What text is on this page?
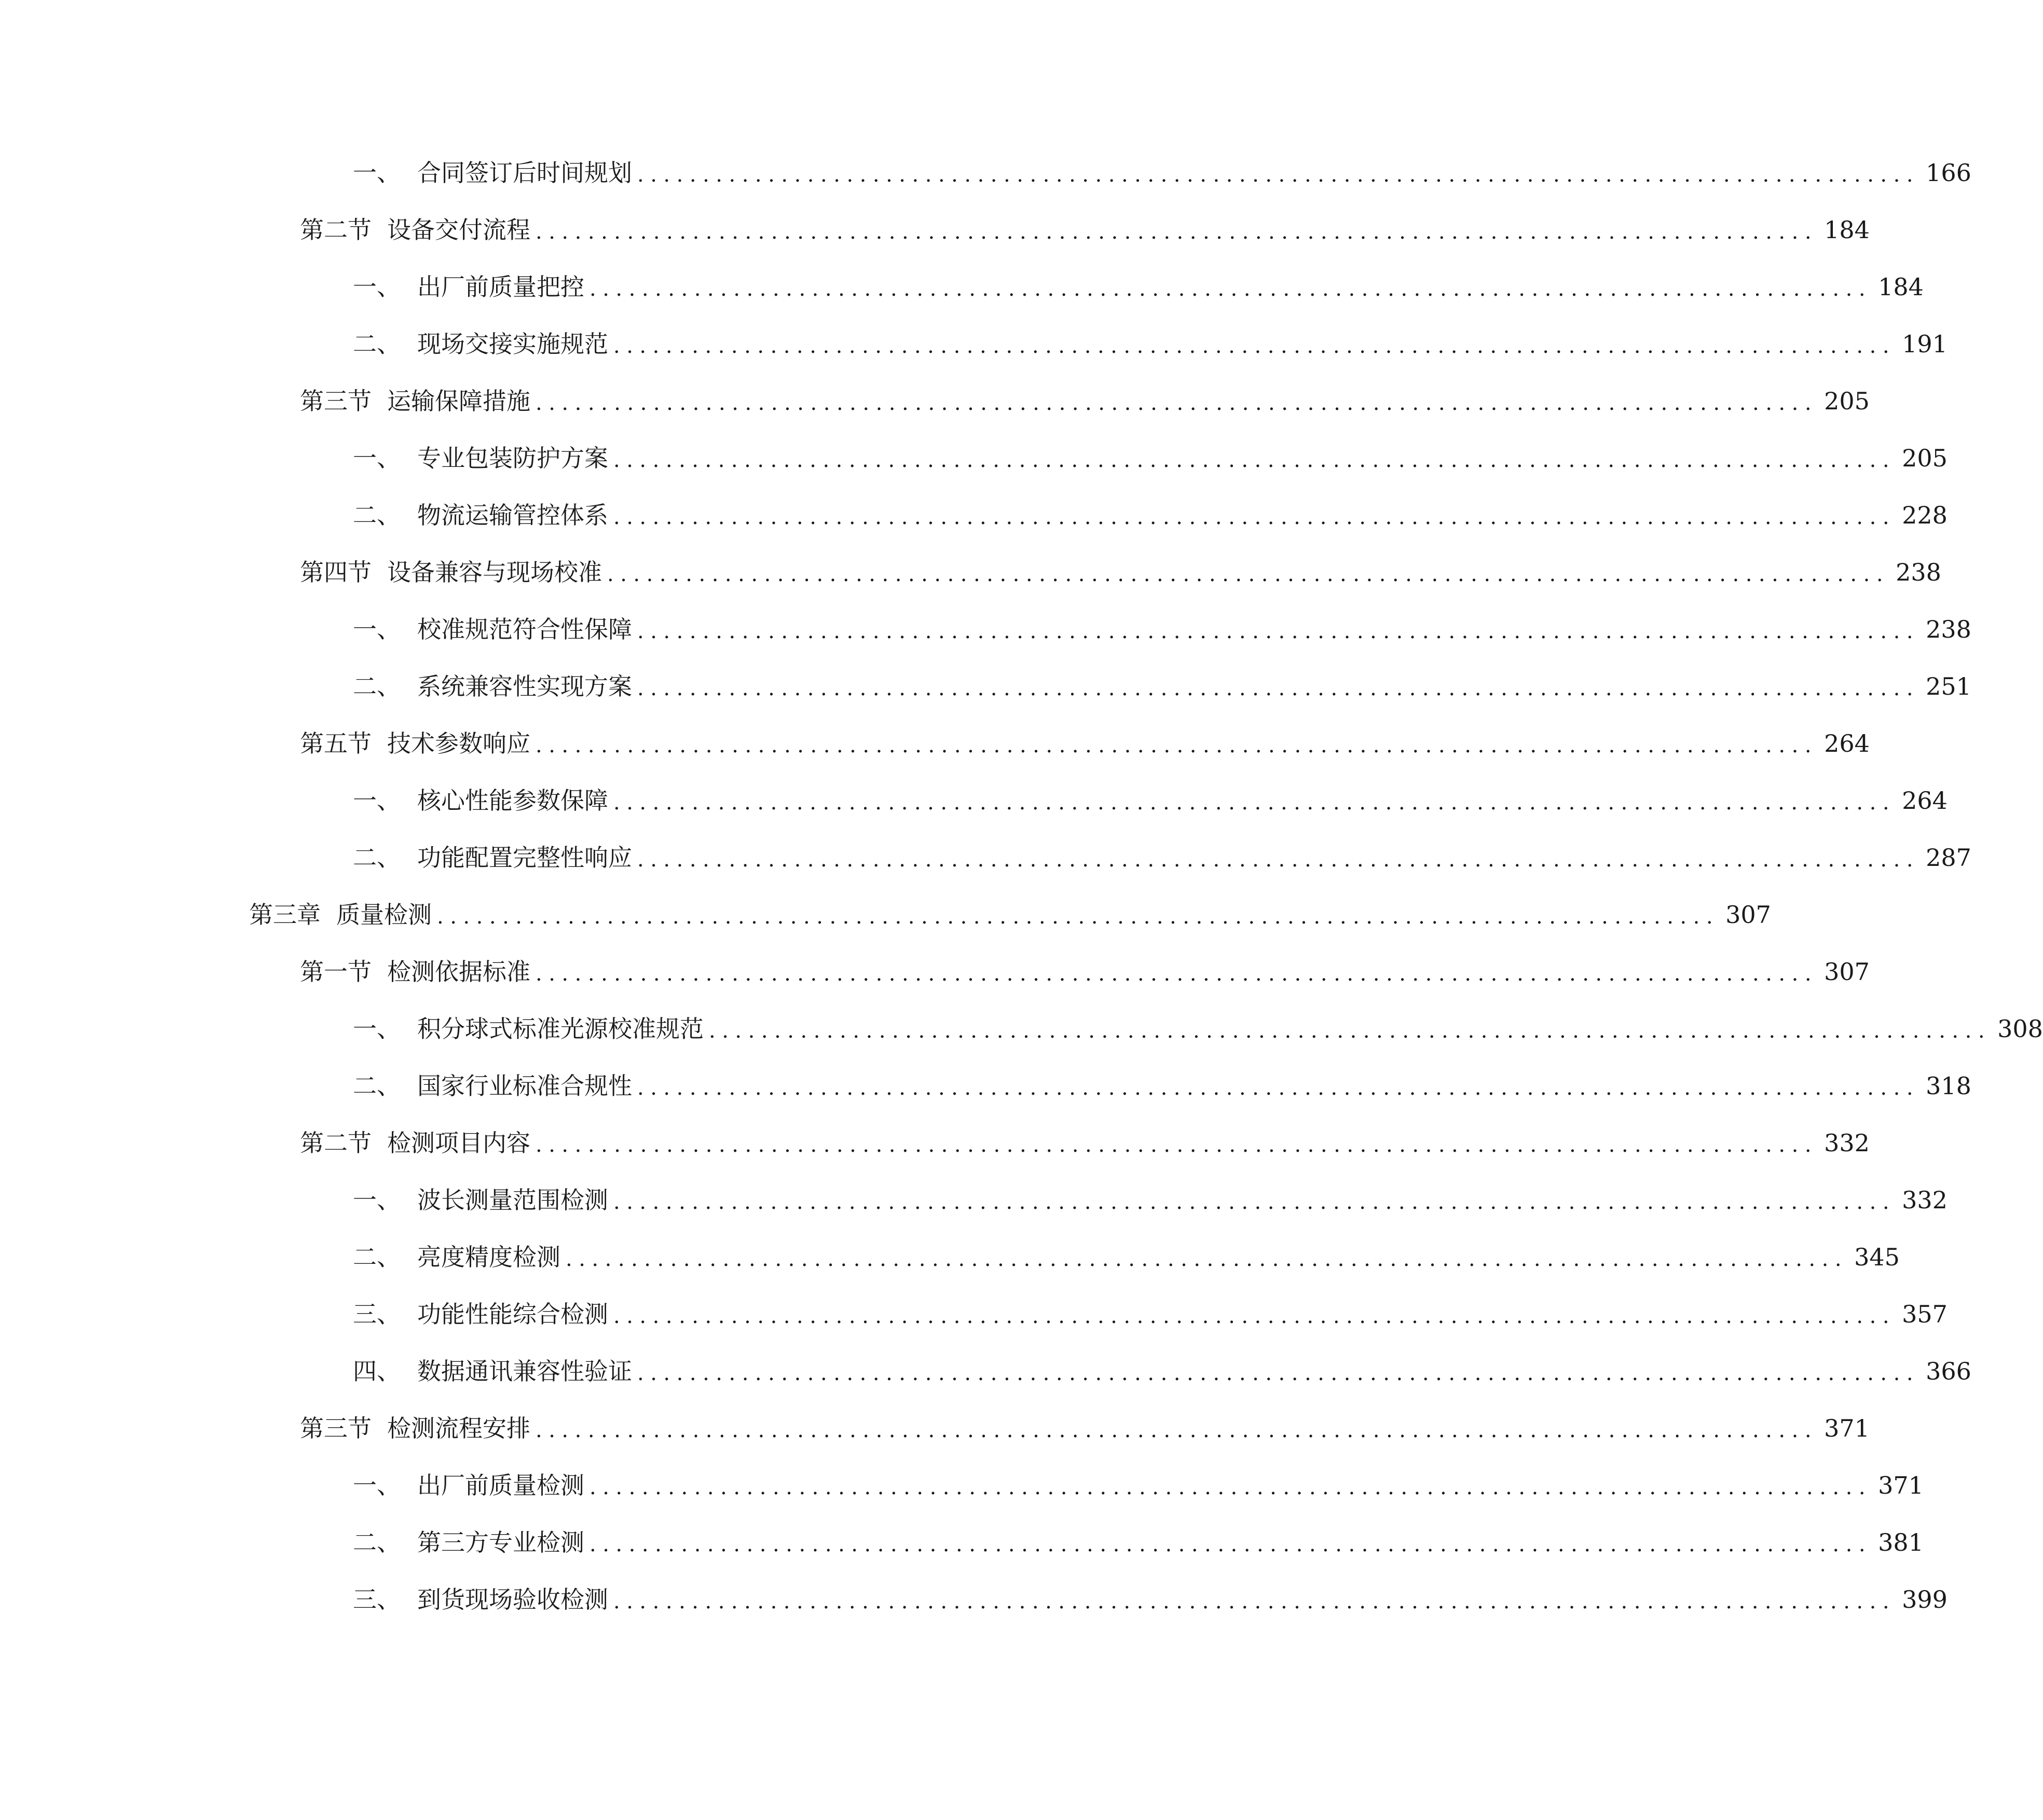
一、 合同签订后时间规划 .................................................................................................. 166
第二节 设备交付流程 .................................................................................................. 184
一、 出厂前质量把控 .................................................................................................. 184
二、 现场交接实施规范 .................................................................................................. 191
第三节 运输保障措施 .................................................................................................. 205
一、 专业包装防护方案 .................................................................................................. 205
二、 物流运输管控体系 .................................................................................................. 228
第四节 设备兼容与现场校准 .................................................................................................. 238
一、 校准规范符合性保障 .................................................................................................. 238
二、 系统兼容性实现方案 .................................................................................................. 251
第五节 技术参数响应 .................................................................................................. 264
一、 核心性能参数保障 .................................................................................................. 264
二、 功能配置完整性响应 .................................................................................................. 287
第三章 质量检测 .................................................................................................. 307
第一节 检测依据标准 .................................................................................................. 307
一、 积分球式标准光源校准规范 .................................................................................................. 308
二、 国家行业标准合规性 .................................................................................................. 318
第二节 检测项目内容 .................................................................................................. 332
一、 波长测量范围检测 .................................................................................................. 332
二、 亮度精度检测 .................................................................................................. 345
三、 功能性能综合检测 .................................................................................................. 357
四、 数据通讯兼容性验证 .................................................................................................. 366
第三节 检测流程安排 .................................................................................................. 371
一、 出厂前质量检测 .................................................................................................. 371
二、 第三方专业检测 .................................................................................................. 381
三、 到货现场验收检测 .................................................................................................. 399
